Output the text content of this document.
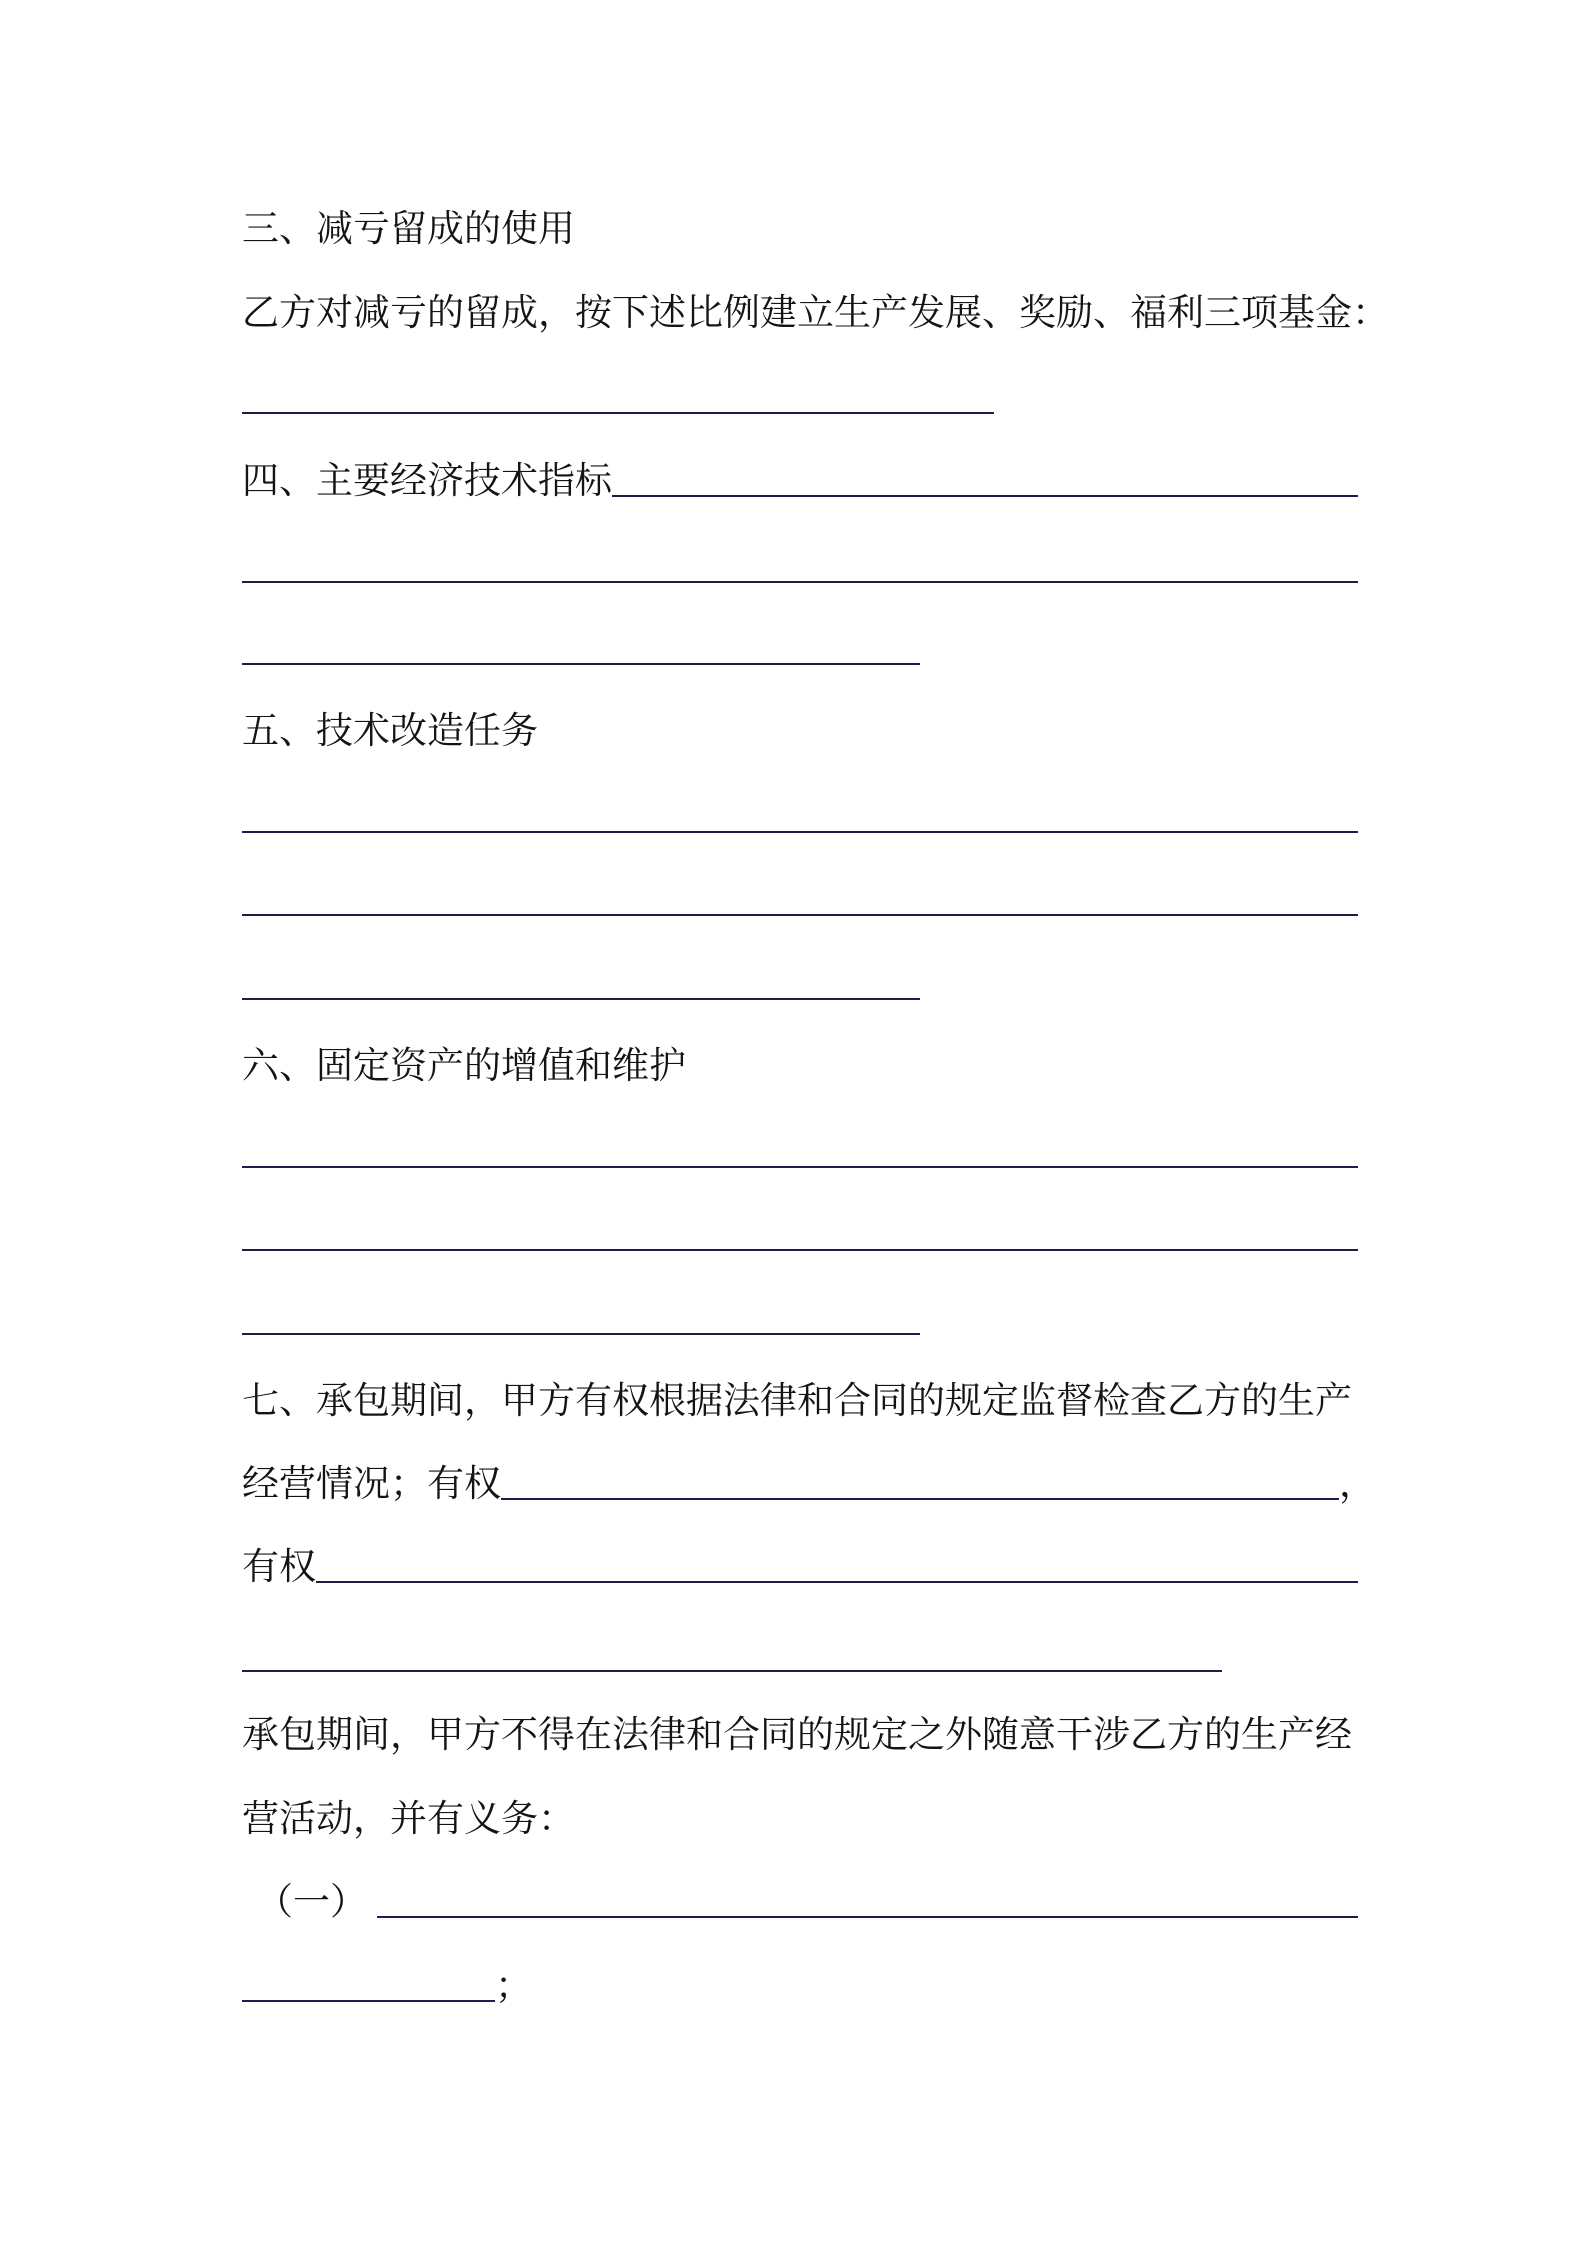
三、减亏留成的使用
乙方对减亏的留成，按下述比例建立生产发展、奖励、福利三项基金：
四、主要经济技术指标
五、技术改造任务
六、固定资产的增值和维护
七、承包期间，甲方有权根据法律和合同的规定监督检查乙方的生产
经营情况；有权	，
有权
承包期间，甲方不得在法律和合同的规定之外随意干涉乙方的生产经
营活动，并有义务：
（一）
；
